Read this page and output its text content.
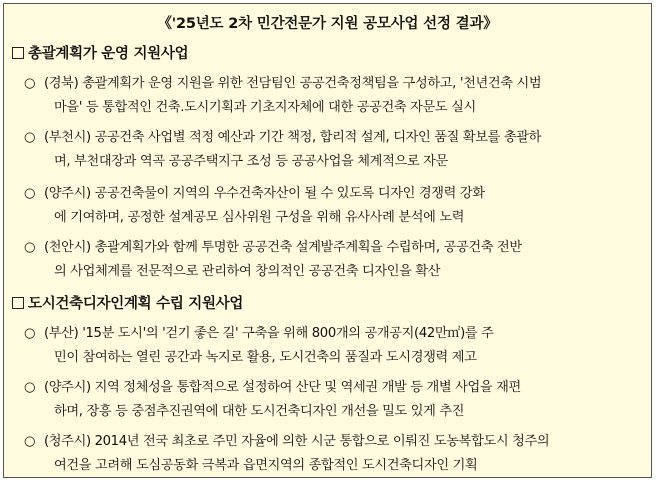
《'25년도 2차 민간전문가 지원 공모사업 선정 결과》
총괄계획가 운영 지원사업
○ (경북) 총괄계획가 운영 지원을 위한 전담팀인 공공건축정책팀을 구성하고, '천년건축 시범
마을' 등 통합적인 건축.도시기획과 기초지자체에 대한 공공건축 자문도 실시
○ (부천시) 공공건축 사업별 적정 예산과 기간 책정, 합리적 설계, 디자인 품질 확보를 총괄하
며, 부천대장과 역곡 공공주택지구 조성 등 공공사업을 체계적으로 자문
○ (양주시) 공공건축물이 지역의 우수건축자산이 될 수 있도록 디자인 경쟁력 강화
에 기여하며, 공정한 설계공모 심사위원 구성을 위해 유사사례 분석에 노력
○ (천안시) 총괄계획가와 함께 투명한 공공건축 설계발주계획을 수립하며, 공공건축 전반
의 사업체계를 전문적으로 관리하여 창의적인 공공건축 디자인을 확산
도시건축디자인계획 수립 지원사업
○ (부산) '15분 도시'의 '걷기 좋은 길' 구축을 위해 800개의 공개공지(42만㎡)를 주
민이 참여하는 열린 공간과 녹지로 활용, 도시건축의 품질과 도시경쟁력 제고
○ (양주시) 지역 정체성을 통합적으로 설정하여 산단 및 역세권 개발 등 개별 사업을 재편
하며, 장흥 등 중점추진권역에 대한 도시건축디자인 개선을 밀도 있게 추진
○ (청주시) 2014년 전국 최초로 주민 자율에 의한 시군 통합으로 이뤄진 도농복합도시 청주의
여건을 고려해 도심공동화 극복과 읍면지역의 종합적인 도시건축디자인 기획
